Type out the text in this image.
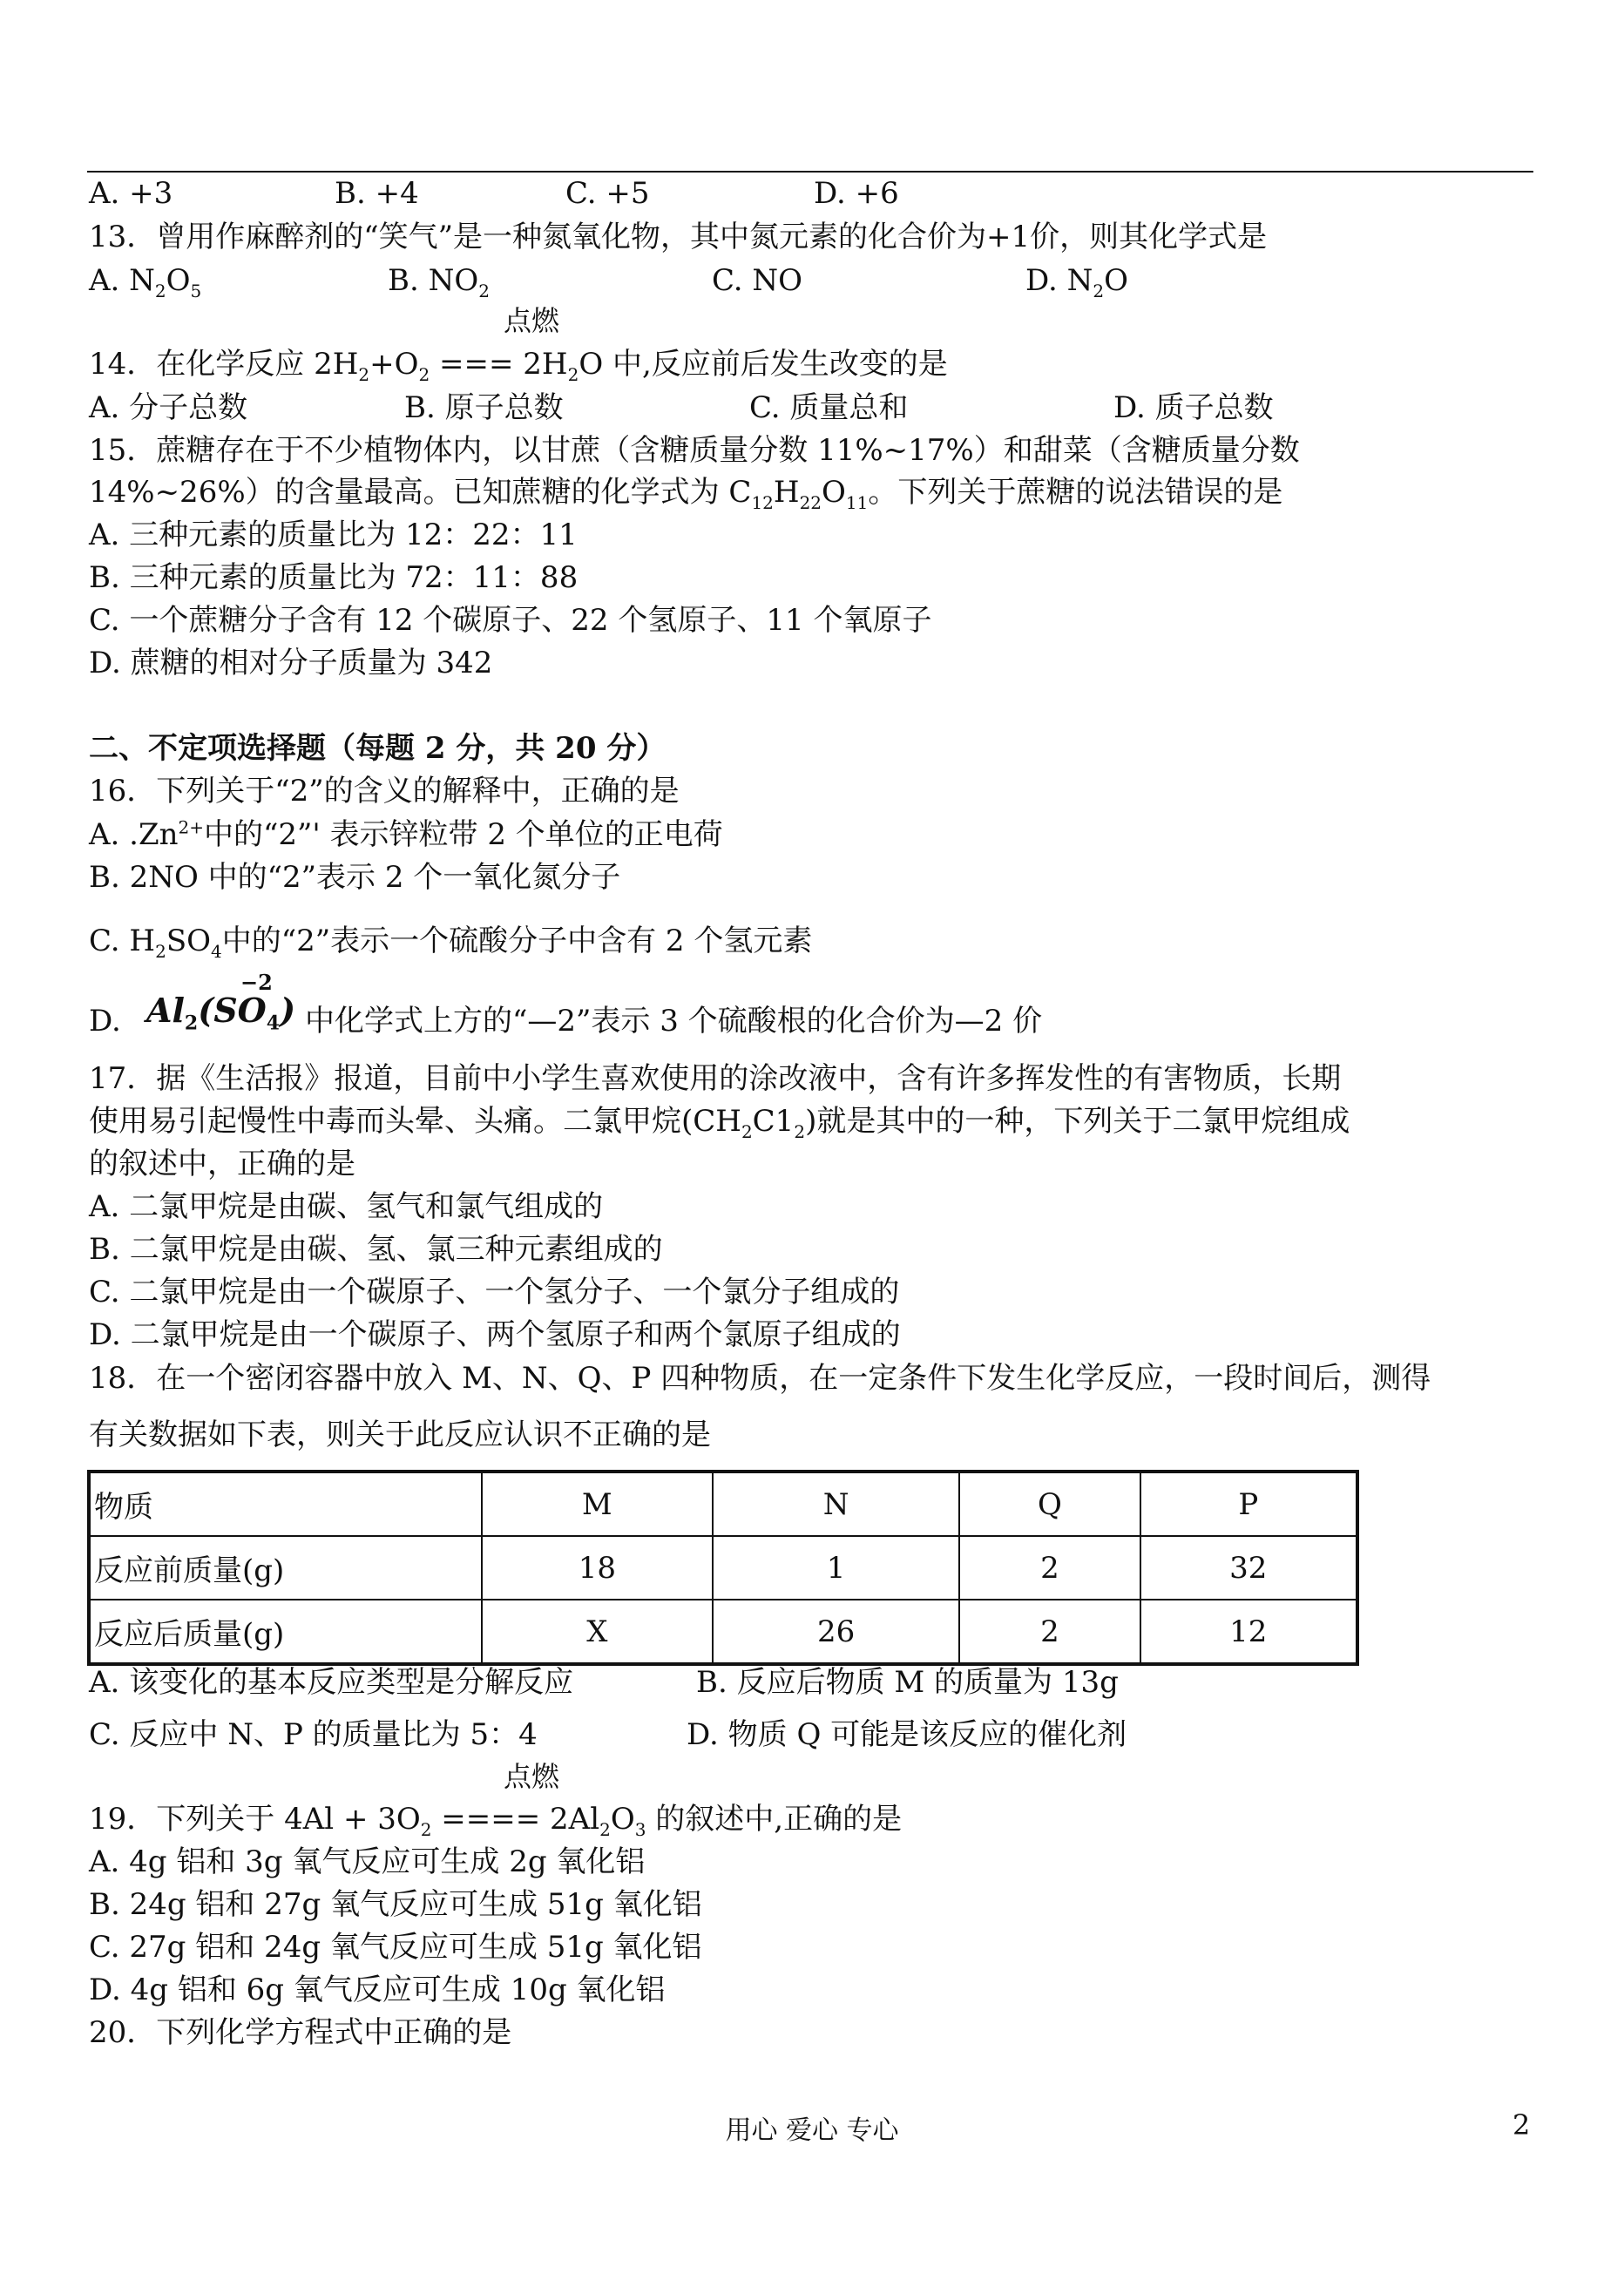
A. +3	B. +4	C. +5	D. +6
13．曾用作麻醉剂的“笑气”是一种氮氧化物，其中氮元素的化合价为+1价，则其化学式是
A. $N_2O_5$	B. $NO_2$	C. NO	D. $N_2O$
点燃
14．在化学反应 $2H_2+O_2$ === $2H_2O$ 中,反应前后发生改变的是
A. 分子总数	B. 原子总数	C. 质量总和	D. 质子总数
15．蔗糖存在于不少植物体内，以甘蔗（含糖质量分数 11%~17%）和甜菜（含糖质量分数
14%~26%）的含量最高。已知蔗糖的化学式为 $C_{12}H_{22}O_{11}$。下列关于蔗糖的说法错误的是
A. 三种元素的质量比为 12：22：11
B. 三种元素的质量比为 72：11：88
C. 一个蔗糖分子含有 12 个碳原子、22 个氢原子、11 个氧原子
D. 蔗糖的相对分子质量为 342
二、不定项选择题（每题 2 分，共 20 分）
16．下列关于“2”的含义的解释中，正确的是
A. $.Zn^{2+}$中的“2”' 表示锌粒带 2 个单位的正电荷
B. 2NO 中的“2”表示 2 个一氧化氮分子
C. $H_2SO_4$中的“2”表示一个硫酸分子中含有 2 个氢元素
D. $Al_2(SO_4)$
−2
中化学式上方的“—2”表示 3 个硫酸根的化合价为—2 价
17．据《生活报》报道，目前中小学生喜欢使用的涂改液中，含有许多挥发性的有害物质，长期
使用易引起慢性中毒而头晕、头痛。二氯甲烷$(CH_2C1_2)$就是其中的一种，下列关于二氯甲烷组成
的叙述中，正确的是
A. 二氯甲烷是由碳、氢气和氯气组成的
B. 二氯甲烷是由碳、氢、氯三种元素组成的
C. 二氯甲烷是由一个碳原子、一个氢分子、一个氯分子组成的
D. 二氯甲烷是由一个碳原子、两个氢原子和两个氯原子组成的
18．在一个密闭容器中放入 M、N、Q、P 四种物质，在一定条件下发生化学反应，一段时间后，测得
有关数据如下表，则关于此反应认识不正确的是
物质	M	N	Q	P
反应前质量(g)	18	1	2	32
反应后质量(g)	X	26	2	12
A. 该变化的基本反应类型是分解反应	B. 反应后物质 M 的质量为 13g
C. 反应中 N、P 的质量比为 5：4	D. 物质 Q 可能是该反应的催化剂
点燃
19．下列关于 $4Al + 3O_2$ ==== $2Al_2O_3$ 的叙述中,正确的是
A. 4g 铝和 3g 氧气反应可生成 2g 氧化铝
B. 24g 铝和 27g 氧气反应可生成 51g 氧化铝
C. 27g 铝和 24g 氧气反应可生成 51g 氧化铝
D. 4g 铝和 6g 氧气反应可生成 10g 氧化铝
20．下列化学方程式中正确的是
用心 爱心 专心	2
